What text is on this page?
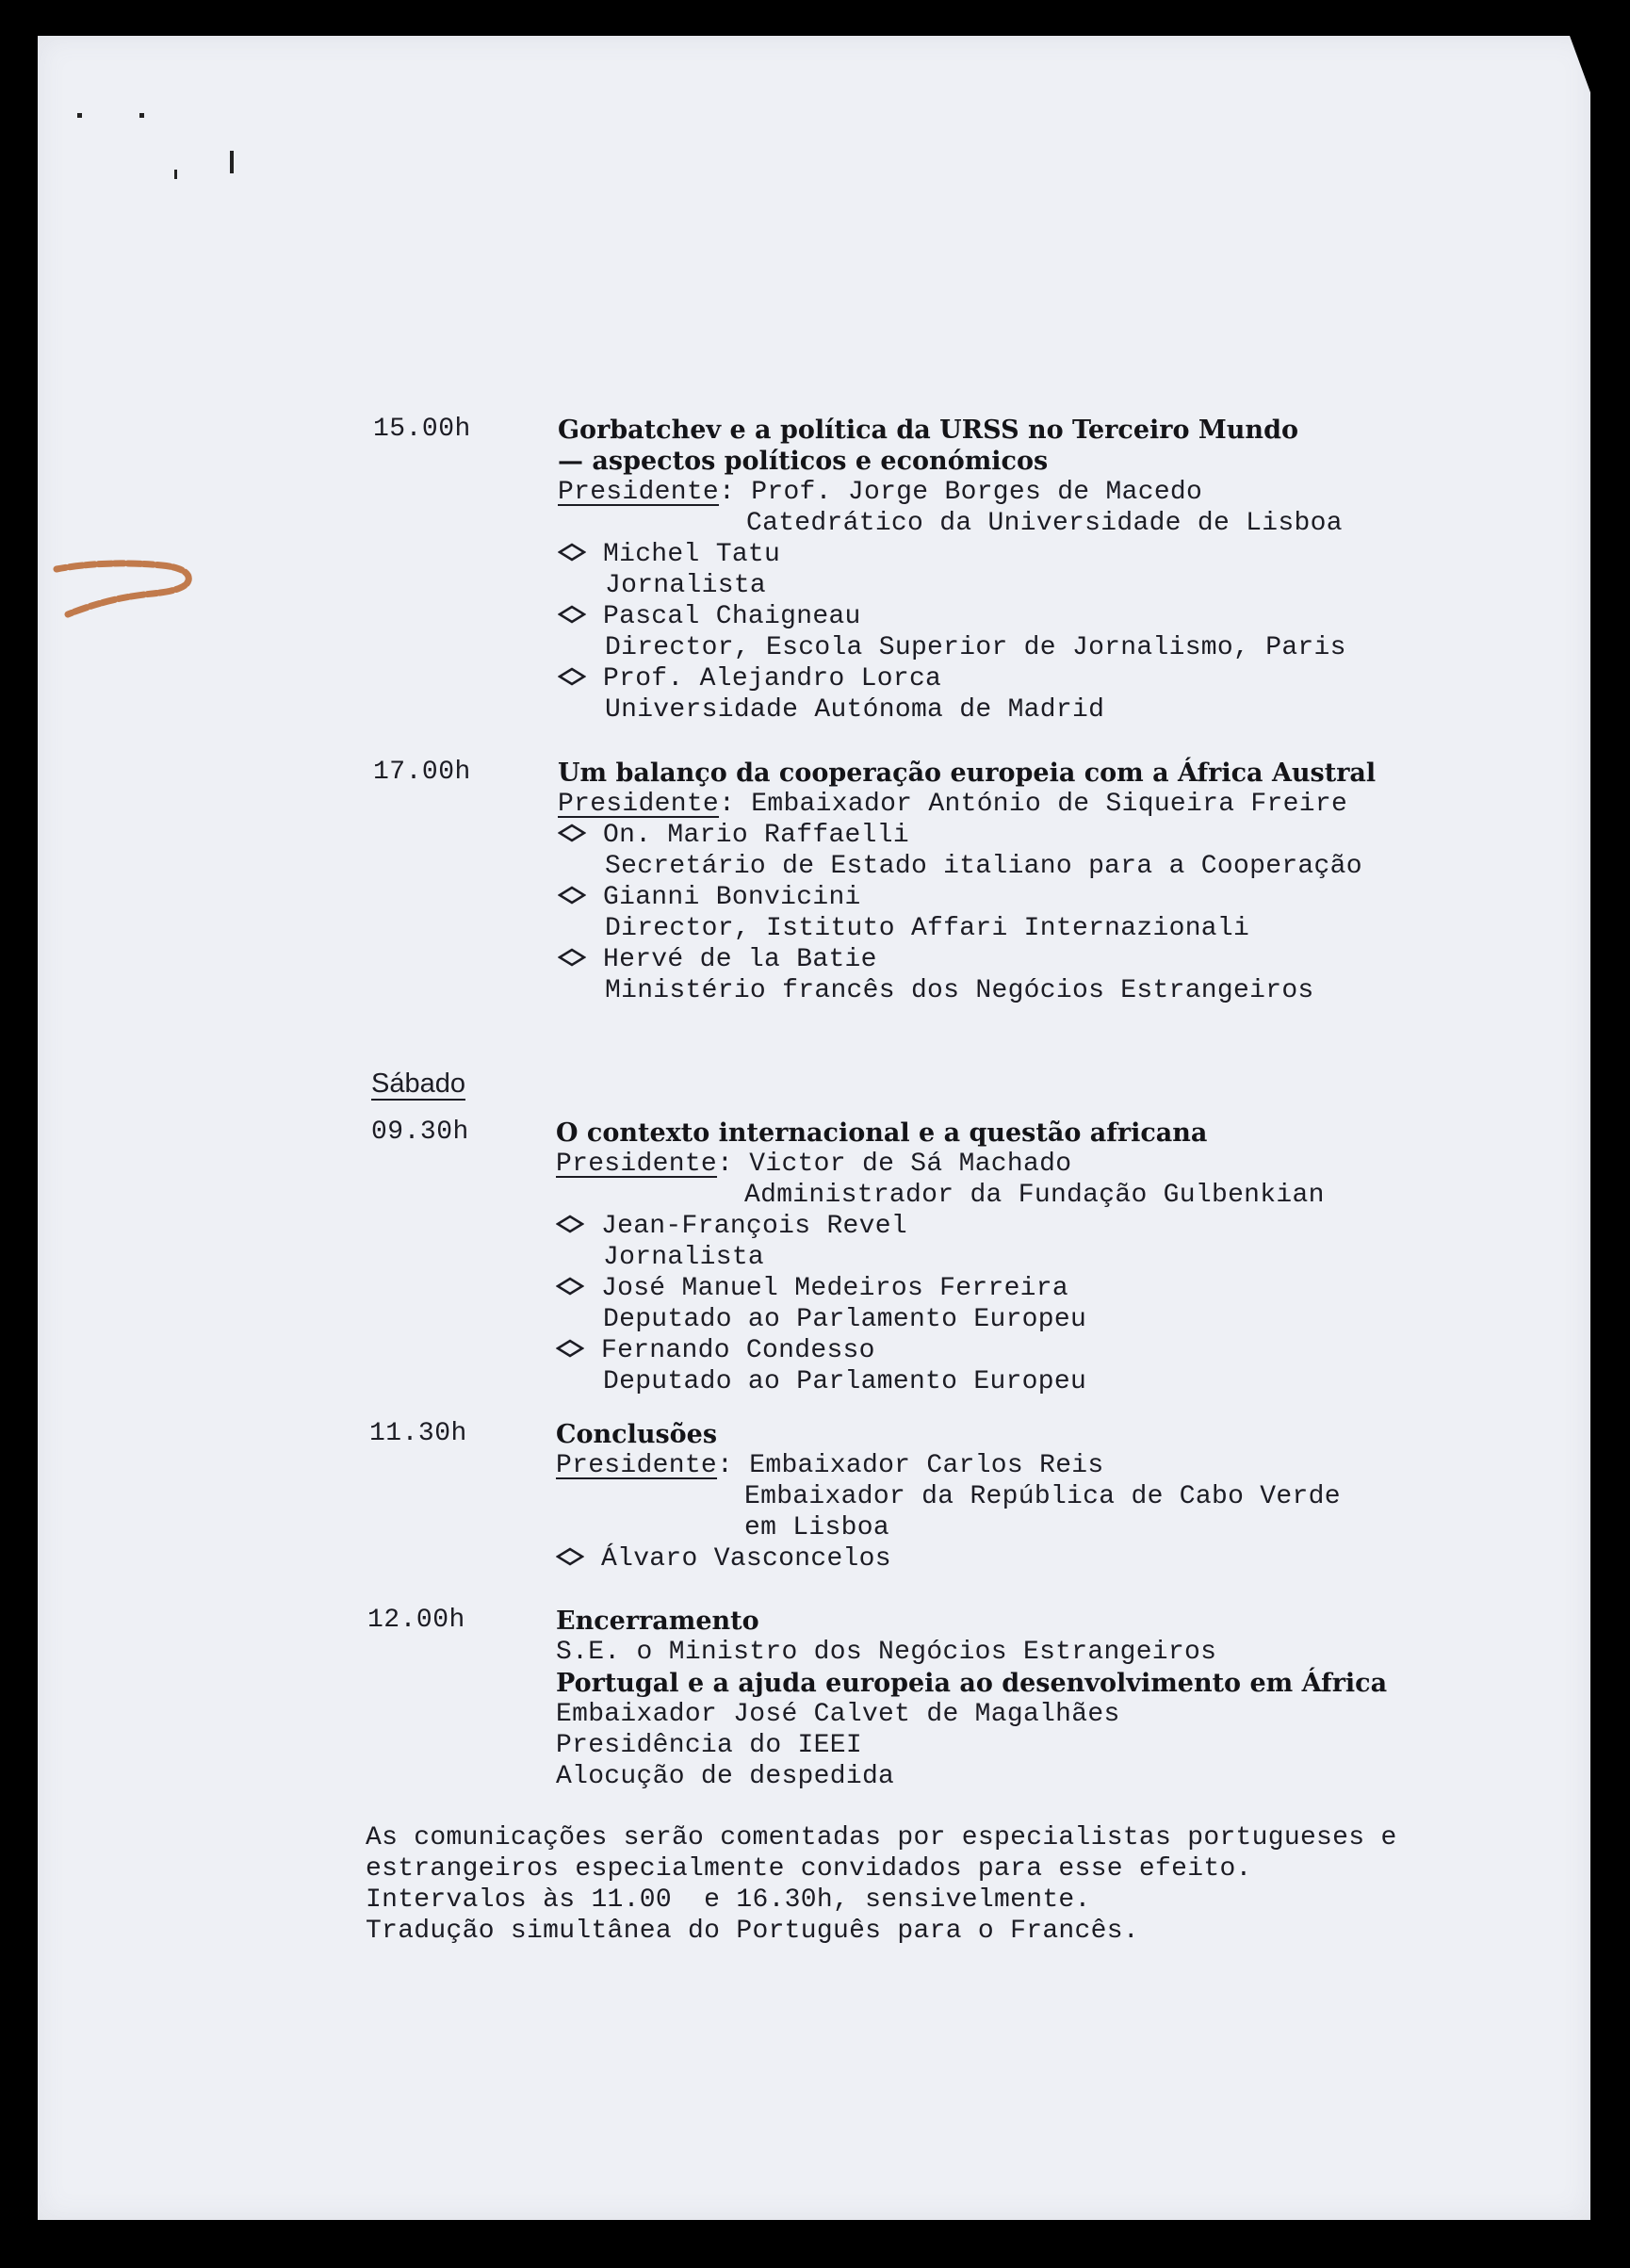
15.00h	Gorbatchev e a política da URSS no Terceiro Mundo
— aspectos políticos e económicos
Presidente: Prof. Jorge Borges de Macedo
Catedrático da Universidade de Lisboa
Michel Tatu
Jornalista
Pascal Chaigneau
Director, Escola Superior de Jornalismo, Paris
Prof. Alejandro Lorca
Universidade Autónoma de Madrid
17.00h	Um balanço da cooperação europeia com a África Austral
Presidente: Embaixador António de Siqueira Freire
On. Mario Raffaelli
Secretário de Estado italiano para a Cooperação
Gianni Bonvicini
Director, Istituto Affari Internazionali
Hervé de la Batie
Ministério francês dos Negócios Estrangeiros
Sábado
09.30h	O contexto internacional e a questão africana
Presidente: Victor de Sá Machado
Administrador da Fundação Gulbenkian
Jean-François Revel
Jornalista
José Manuel Medeiros Ferreira
Deputado ao Parlamento Europeu
Fernando Condesso
Deputado ao Parlamento Europeu
11.30h	Conclusões
Presidente: Embaixador Carlos Reis
Embaixador da República de Cabo Verde
em Lisboa
Álvaro Vasconcelos
12.00h	Encerramento
S.E. o Ministro dos Negócios Estrangeiros
Portugal e a ajuda europeia ao desenvolvimento em África
Embaixador José Calvet de Magalhães
Presidência do IEEI
Alocução de despedida
As comunicações serão comentadas por especialistas portugueses e
estrangeiros especialmente convidados para esse efeito.
Intervalos às 11.00  e 16.30h, sensivelmente.
Tradução simultânea do Português para o Francês.
